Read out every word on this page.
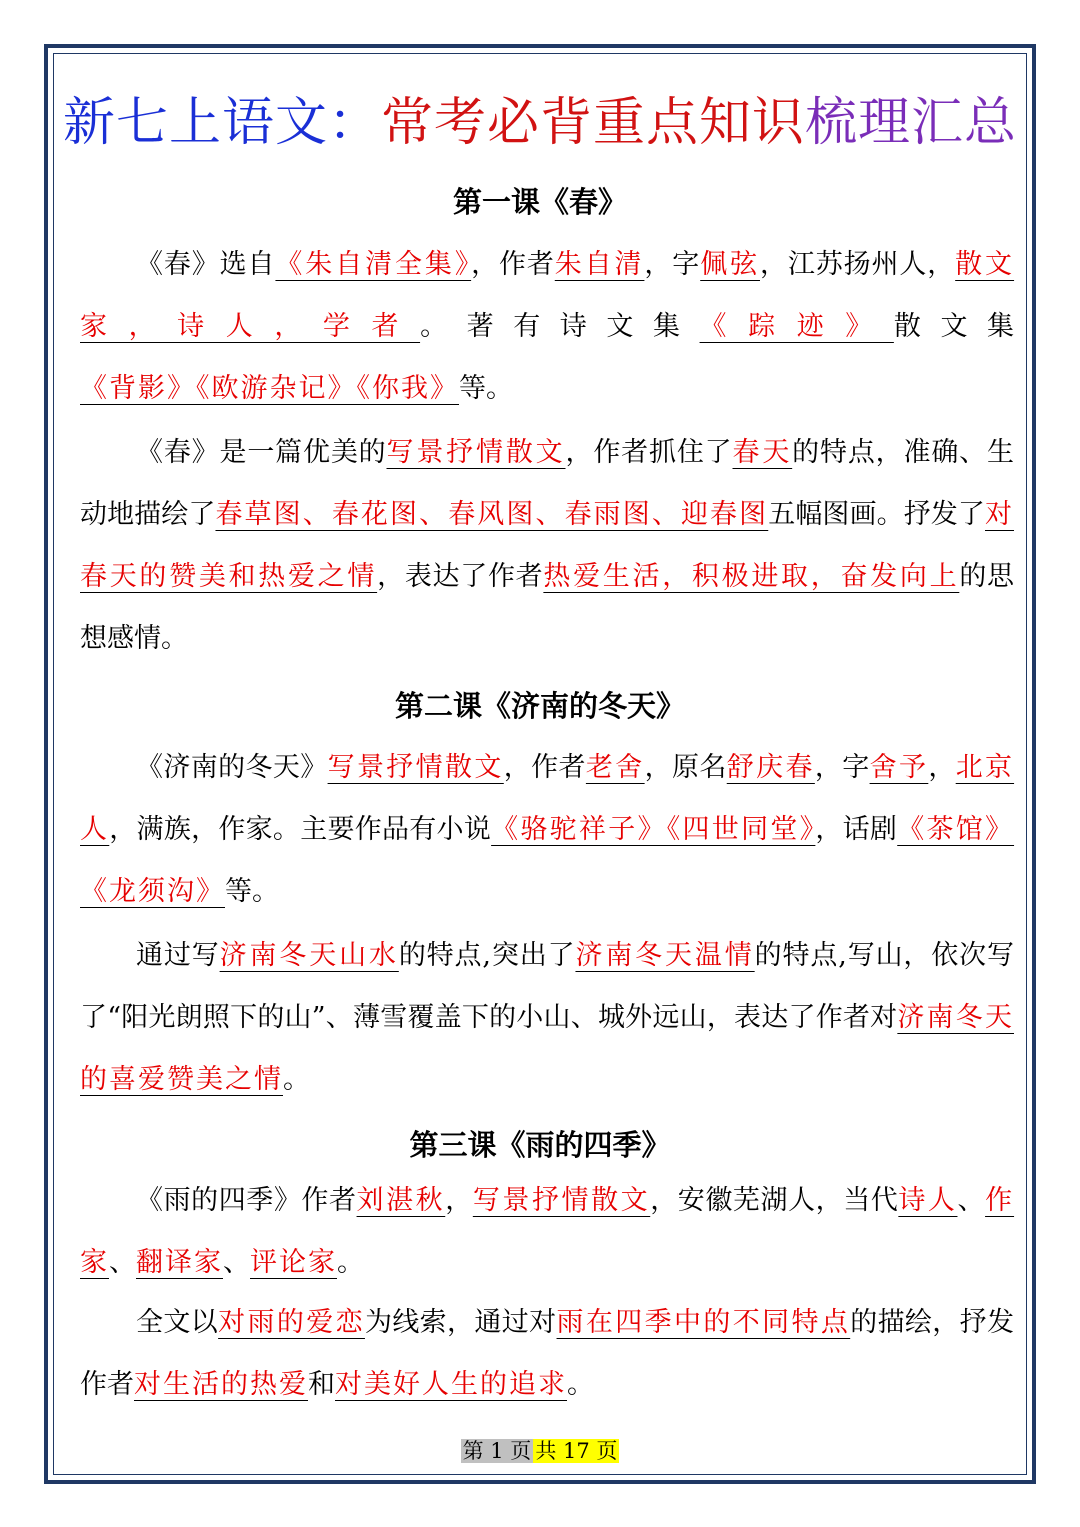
新七上语文：常考必背重点知识梳理汇总
第一课《春》
《春》选自《朱自清全集》，作者朱自清，字佩弦，江苏扬州人，散文家，诗人，学者。著有诗文集《踪迹》散文集《背影》《欧游杂记》《你我》等。
《春》是一篇优美的写景抒情散文，作者抓住了春天的特点，准确、生动地描绘了春草图、春花图、春风图、春雨图、迎春图五幅图画。抒发了对春天的赞美和热爱之情，表达了作者热爱生活，积极进取，奋发向上的思想感情。
第二课《济南的冬天》
《济南的冬天》写景抒情散文，作者老舍，原名舒庆春，字舍予，北京人，满族，作家。主要作品有小说《骆驼祥子》《四世同堂》，话剧《茶馆》《龙须沟》等。
通过写济南冬天山水的特点,突出了济南冬天温情的特点,写山，依次写了“阳光朗照下的山”、薄雪覆盖下的小山、城外远山，表达了作者对济南冬天的喜爱赞美之情。
第三课《雨的四季》
《雨的四季》作者刘湛秋，写景抒情散文，安徽芜湖人，当代诗人、作家、翻译家、评论家。
全文以对雨的爱恋为线索，通过对雨在四季中的不同特点的描绘，抒发作者对生活的热爱和对美好人生的追求。
第 1 页 共 17 页
